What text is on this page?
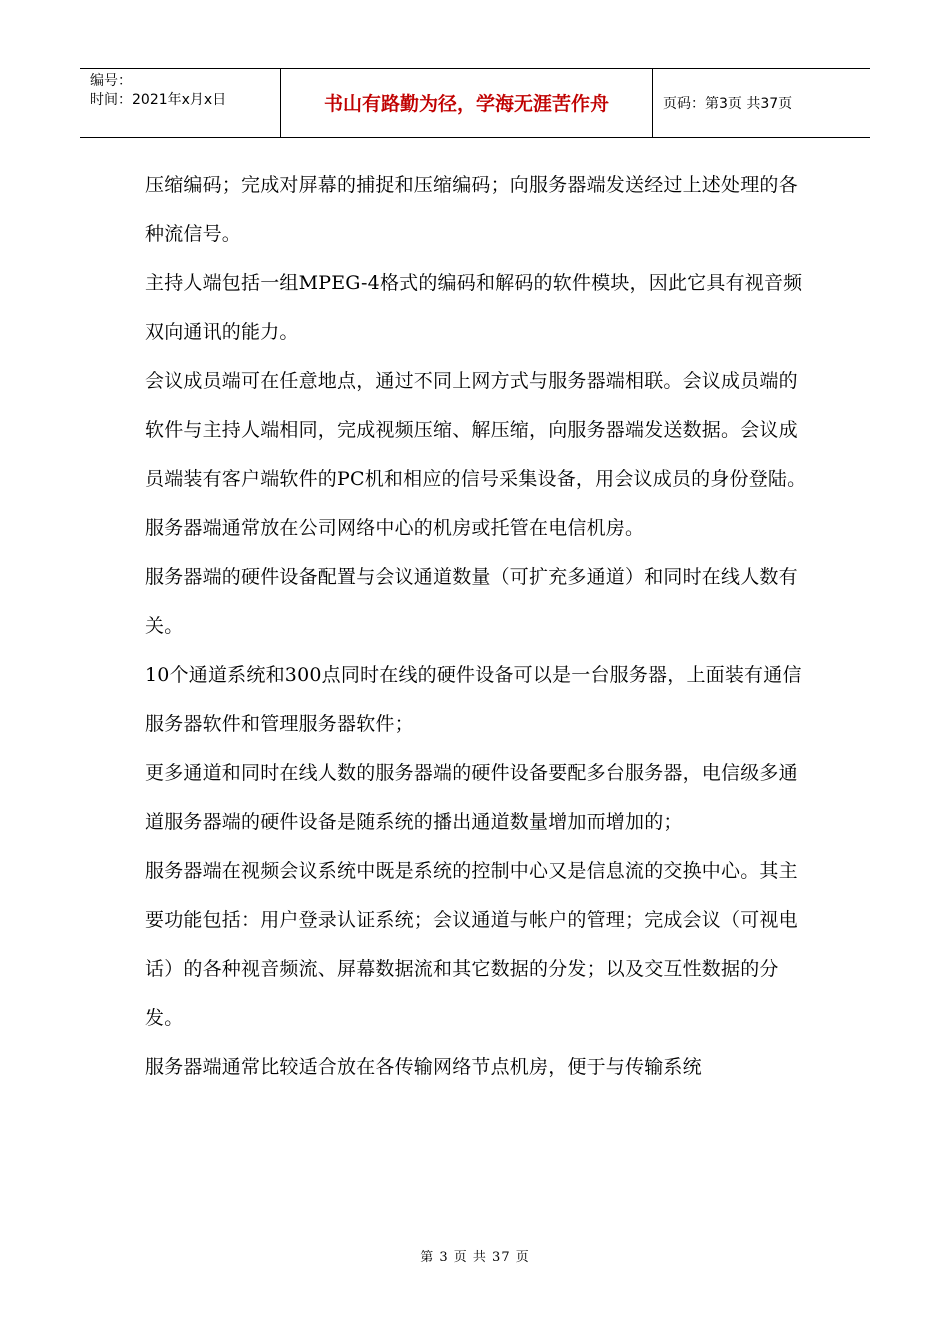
编号：
时间：2021年x月x日	书山有路勤为径，学海无涯苦作舟	页码：第3页 共37页

压缩编码；完成对屏幕的捕捉和压缩编码；向服务器端发送经过上述处理的各种流信号。

主持人端包括一组MPEG-4格式的编码和解码的软件模块，因此它具有视音频双向通讯的能力。

会议成员端可在任意地点，通过不同上网方式与服务器端相联。会议成员端的软件与主持人端相同，完成视频压缩、解压缩，向服务器端发送数据。会议成员端装有客户端软件的PC机和相应的信号采集设备，用会议成员的身份登陆。

服务器端通常放在公司网络中心的机房或托管在电信机房。

服务器端的硬件设备配置与会议通道数量（可扩充多通道）和同时在线人数有关。

10个通道系统和300点同时在线的硬件设备可以是一台服务器，上面装有通信服务器软件和管理服务器软件；

更多通道和同时在线人数的服务器端的硬件设备要配多台服务器，电信级多通道服务器端的硬件设备是随系统的播出通道数量增加而增加的；

服务器端在视频会议系统中既是系统的控制中心又是信息流的交换中心。其主要功能包括：用户登录认证系统；会议通道与帐户的管理；完成会议（可视电话）的各种视音频流、屏幕数据流和其它数据的分发；以及交互性数据的分发。

服务器端通常比较适合放在各传输网络节点机房，便于与传输系统

第 3 页 共 37 页
